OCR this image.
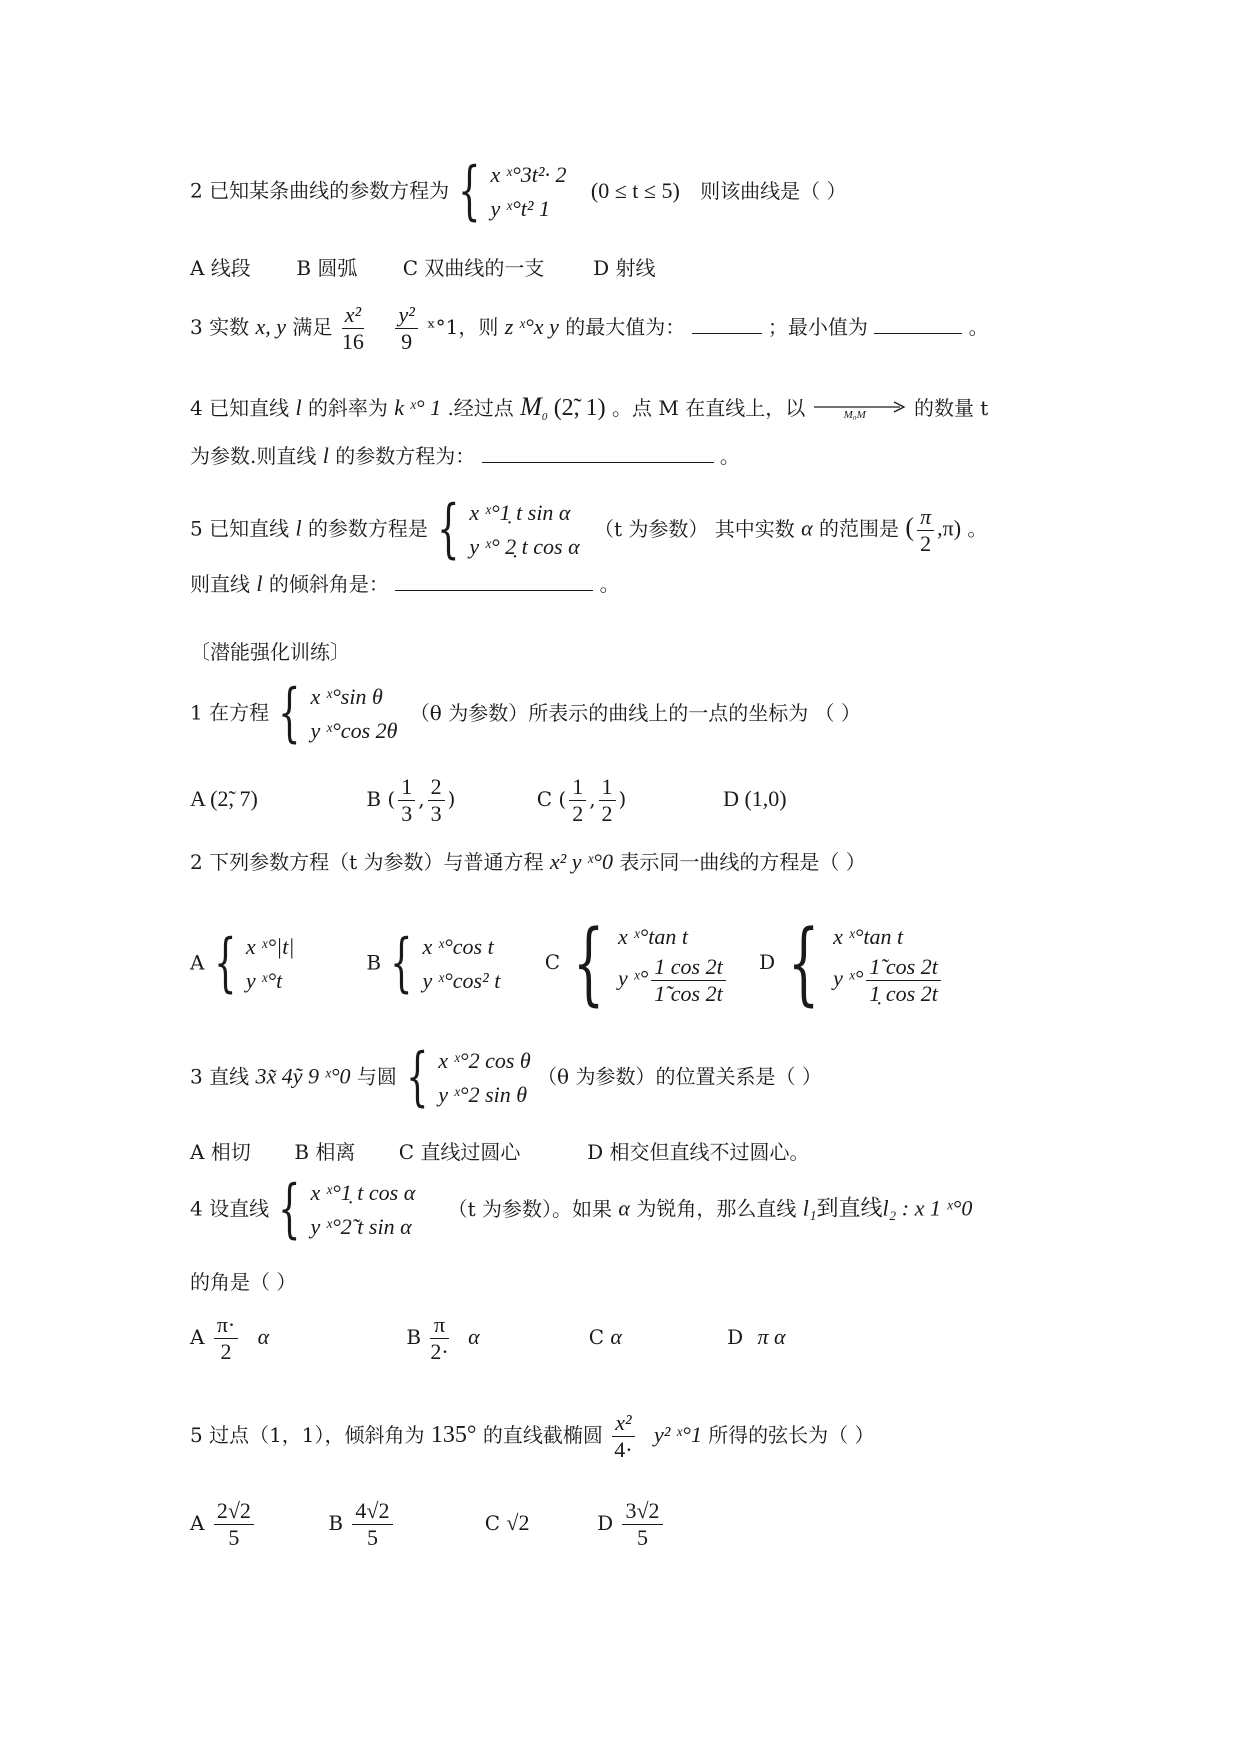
2 已知某条曲线的参数方程为 { x ˣ°3t²· 2
y ˣ°t² 1
(0 ≤ t ≤ 5) 则该曲线是（ ）
A 线段 B 圆弧 C 双曲线的一支 D 射线
3 实数 x, y 满足 $\frac{\text{x²}}{16}$
$\frac{\text{y²}}{9}$ ˣ°1，则 z ˣ°x y 的最大值为：	；最小值为	。
4 已知直线 l 的斜率为 k ˣ° 1 .经过点 $M_0$ (2̃, 1) 。点 M 在直线上，以	M₀M 的数量 t
为参数.则直线 l 的参数方程为：	。
5 已知直线 l 的参数方程是 { x ˣ°1̣ t sin α
y ˣ° 2̣ t cos α
（t 为参数） 其中实数 α 的范围是 ( $\frac{\pi}{2} ,\pi$) 。
则直线 l 的倾斜角是：	。
〔潜能强化训练〕
1 在方程 { x ˣ°sin θ
y ˣ°cos 2θ
（θ 为参数）所表示的曲线上的一点的坐标为 （ ）
A (2̃, 7)	B ( $\frac{1}{3}$ , $\frac{2}{3}$ )	C ( $\frac{1}{2}$ , $\frac{1}{2}$ )	D (1,0)
2 下列参数方程（t 为参数）与普通方程 x² y ˣ°0 表示同一曲线的方程是（ ）
A { x ˣ°|t|
y ˣ°t
B { x ˣ°cos t
y ˣ°cos² t
C { x ˣ°tan t
y ˣ° $\frac{1 \cos 2t}{1̃ \cos 2t}$ D { x ˣ°tan t
y ˣ° $\frac{1̃ \cos 2t}{1̣ \cos 2t}$
3 直线 3x̃ 4ỹ 9 ˣ°0 与圆 { x ˣ°2 cos θ
y ˣ°2 sin θ
（θ 为参数）的位置关系是（ ）
A 相切 B 相离 C 直线过圆心	D 相交但直线不过圆心。
4 设直线 { x ˣ°1̣ t cos α
y ˣ°2̃ t sin α
（t 为参数）。如果 α 为锐角，那么直线 l₁到直线l₂ : x 1 ˣ°0
的角是（ ）
A $\frac{\pi\cdot}{2}$ α	B $\frac{\pi}{2\cdot}$ α	C α	D π α
5 过点（1，1），倾斜角为 135° 的直线截椭圆 $\frac{\text{x²}}{4\cdot} y^2$ ˣ°1 所得的弦长为（ ）
A $\frac{2√2}{5}$	B $\frac{4√2}{5}$	C √2	D $\frac{3√2}{5}$
